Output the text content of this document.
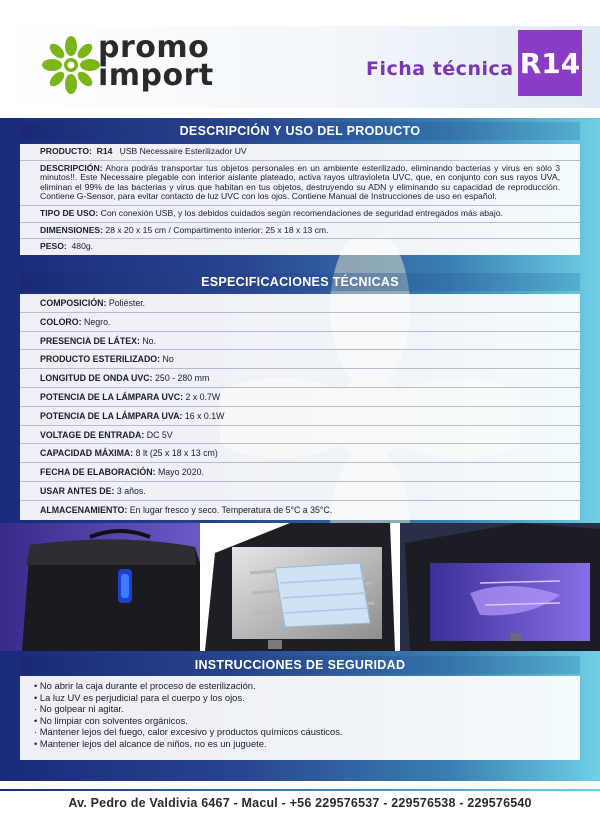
promo
import	Ficha técnica R14
DESCRIPCIÓN Y USO DEL PRODUCTO
PRODUCTO: R14 USB Necessaire Esterilizador UV
DESCRIPCIÓN: Ahora podrás transportar tus objetos personales en un ambiente esterilizado, eliminando bacterias y virus en sólo 3 minutos!!. Este Necessaire plegable con interior aislante plateado, activa rayos ultravioleta UVC, que, en conjunto con sus rayos UVA, eliminan el 99% de las bacterias y virus que habitan en tus objetos, destruyendo su ADN y eliminando su capacidad de reproducción. Contiene G-Sensor, para evitar contacto de luz UVC con los ojos. Contiene Manual de Instrucciones de uso en español.
TIPO DE USO: Con conexión USB, y los debidos cuidados según recomendaciones de seguridad entregados más abajo.
DIMENSIONES: 28 x 20 x 15 cm / Compartimento interior: 25 x 18 x 13 cm.
PESO: 480g.
ESPECIFICACIONES TÉCNICAS
COMPOSICIÓN: Poliéster.
COLORO: Negro.
PRESENCIA DE LÁTEX: No.
PRODUCTO ESTERILIZADO: No
LONGITUD DE ONDA UVC: 250 - 280 mm
POTENCIA DE LA LÁMPARA UVC: 2 x 0.7W
POTENCIA DE LA LÁMPARA UVA: 16 x 0.1W
VOLTAGE DE ENTRADA: DC 5V
CAPACIDAD MÁXIMA: 8 lt (25 x 18 x 13 cm)
FECHA DE ELABORACIÓN: Mayo 2020.
USAR ANTES DE: 3 años.
ALMACENAMIENTO: En lugar fresco y seco. Temperatura de 5°C a 35°C.
INSTRUCCIONES DE SEGURIDAD
• No abrir la caja durante el proceso de esterilización.
• La luz UV es perjudicial para el cuerpo y los ojos.
· No golpear ni agitar.
• No limpiar con solventes orgánicos.
· Mantener lejos del fuego, calor excesivo y productos químicos cáusticos.
• Mantener lejos del alcance de niños, no es un juguete.
Av. Pedro de Valdivia 6467 - Macul - +56 229576537 - 229576538 - 229576540
